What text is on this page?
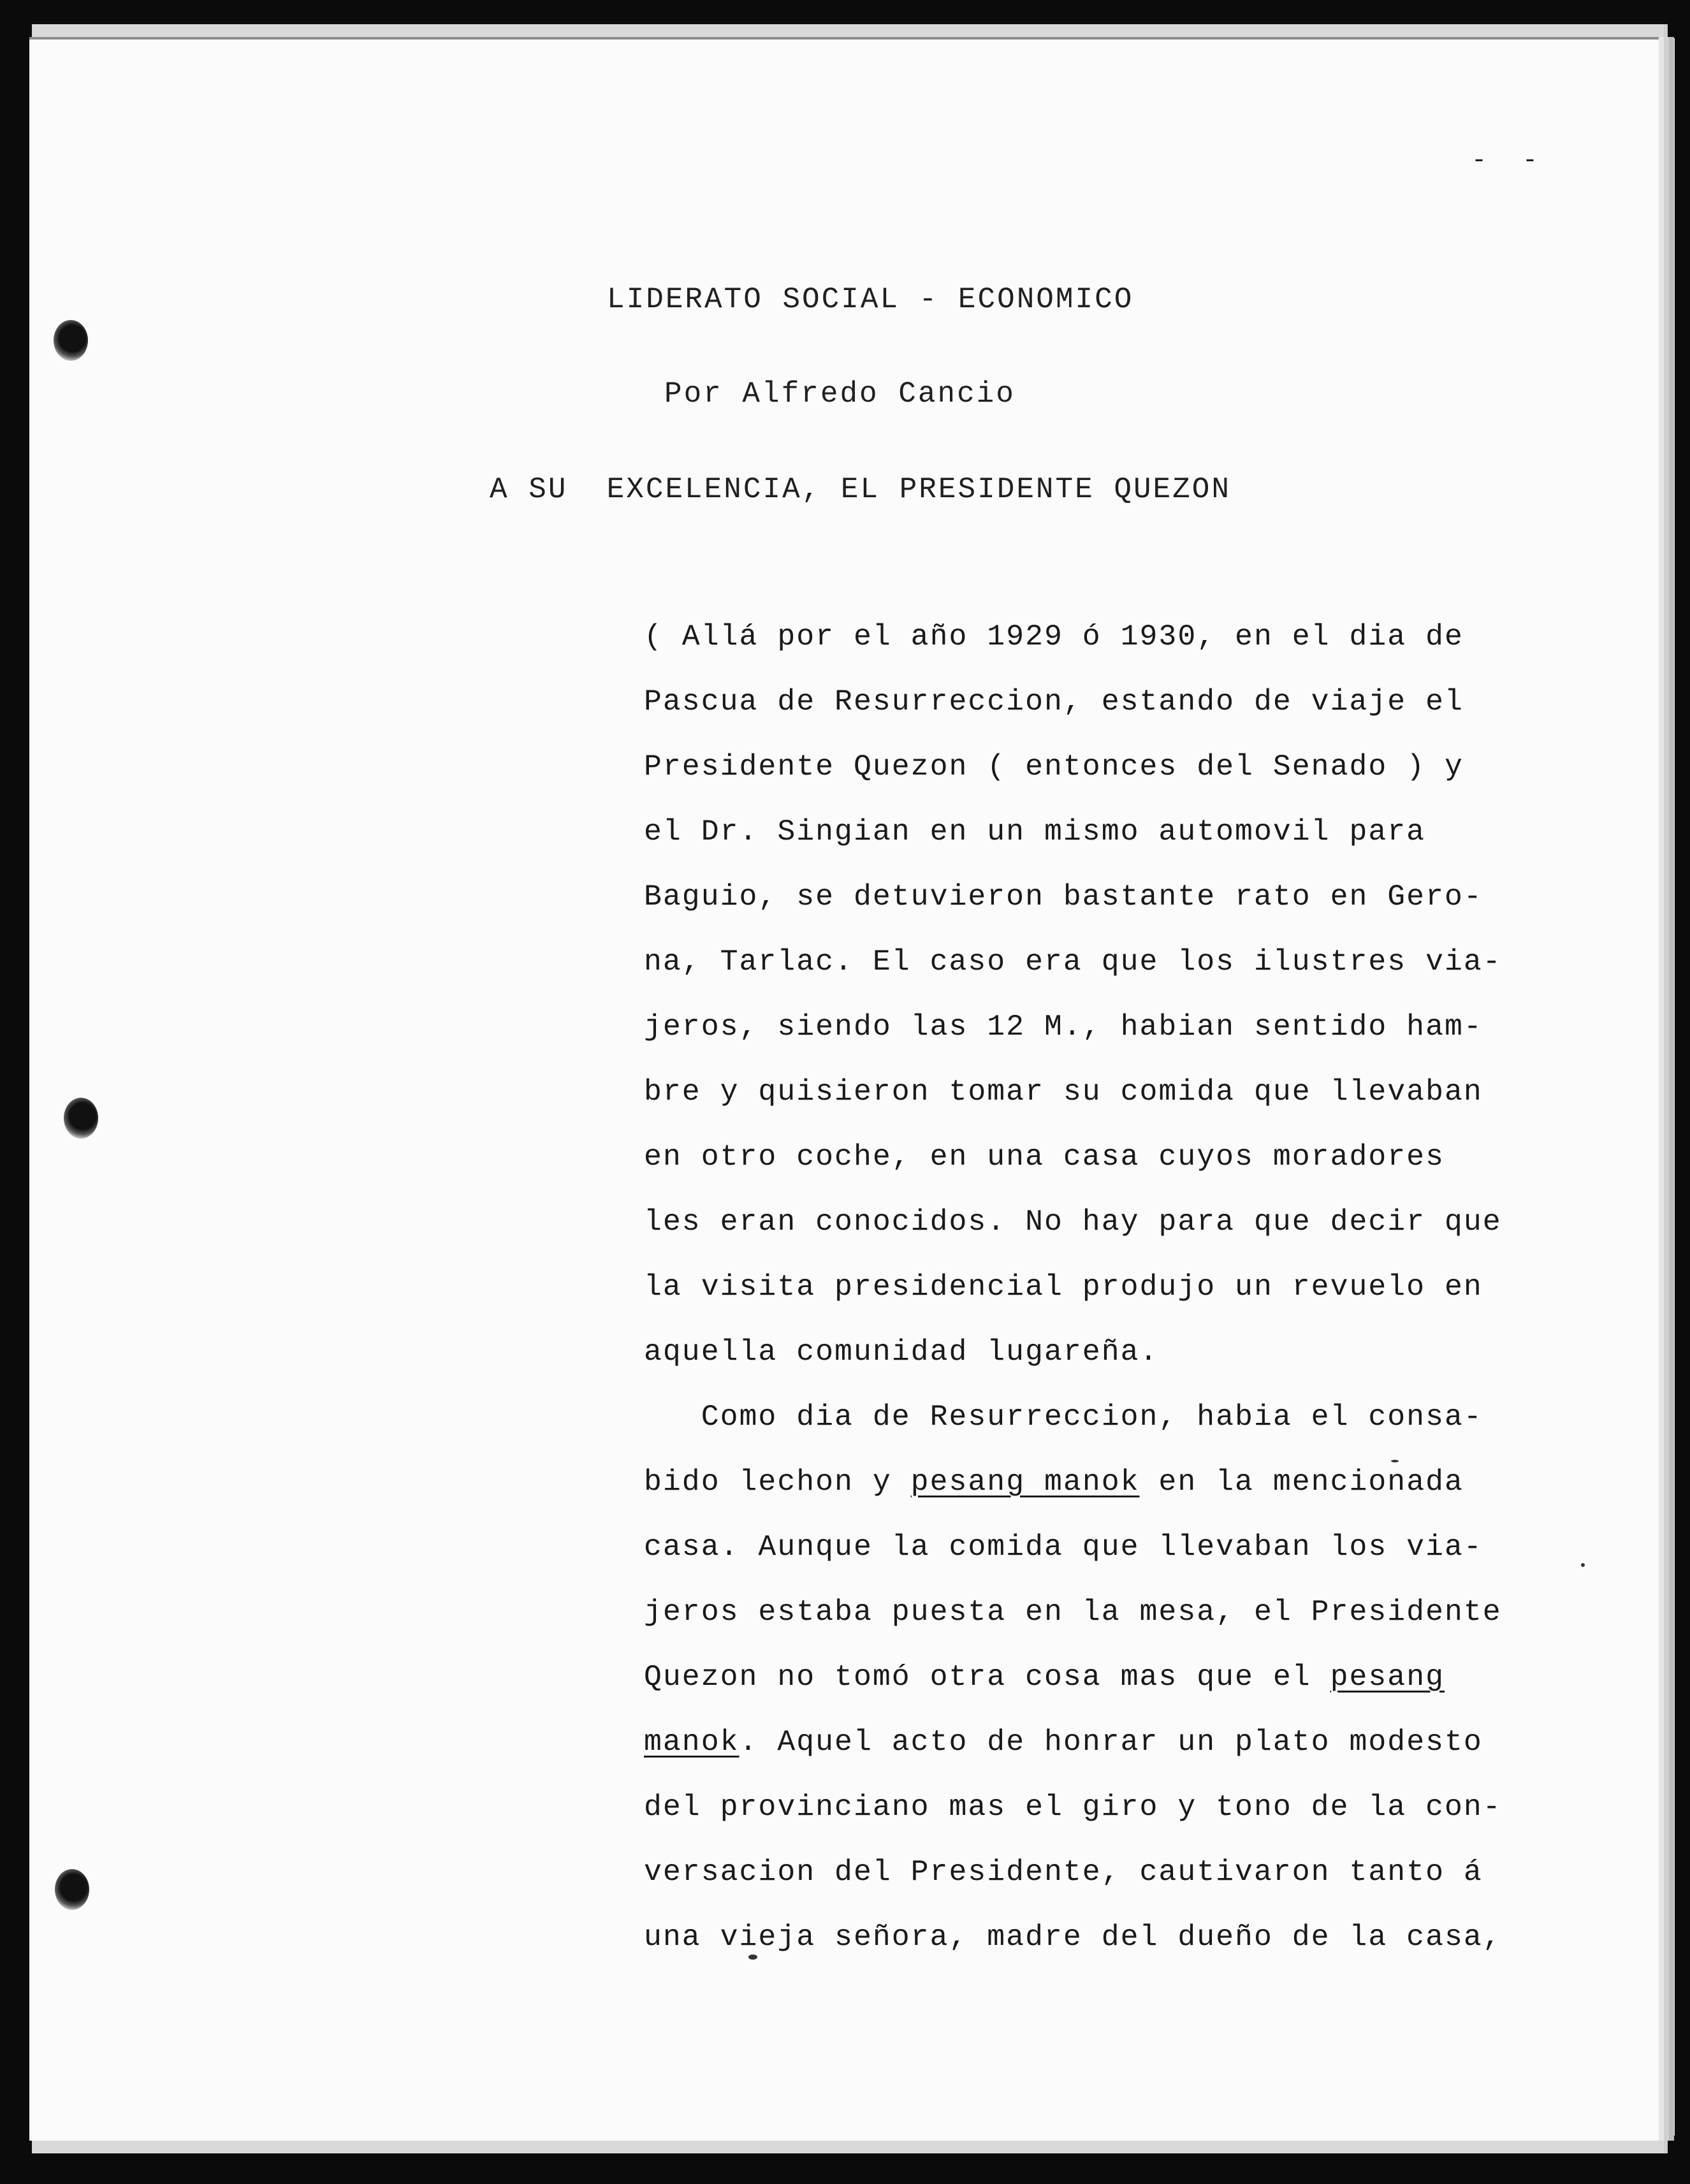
- -
LIDERATO SOCIAL - ECONOMICO
Por Alfredo Cancio
A SU  EXCELENCIA, EL PRESIDENTE QUEZON
( Allá por el año 1929 ó 1930, en el dia de
Pascua de Resurreccion, estando de viaje el
Presidente Quezon ( entonces del Senado ) y
el Dr. Singian en un mismo automovil para
Baguio, se detuvieron bastante rato en Gero-
na, Tarlac. El caso era que los ilustres via-
jeros, siendo las 12 M., habian sentido ham-
bre y quisieron tomar su comida que llevaban
en otro coche, en una casa cuyos moradores
les eran conocidos. No hay para que decir que
la visita presidencial produjo un revuelo en
aquella comunidad lugareña.
Como dia de Resurreccion, habia el consa-
bido lechon y pesang manok en la mencionada
casa. Aunque la comida que llevaban los via-
jeros estaba puesta en la mesa, el Presidente
Quezon no tomó otra cosa mas que el pesang
manok. Aquel acto de honrar un plato modesto
del provinciano mas el giro y tono de la con-
versacion del Presidente, cautivaron tanto á
una vieja señora, madre del dueño de la casa,
